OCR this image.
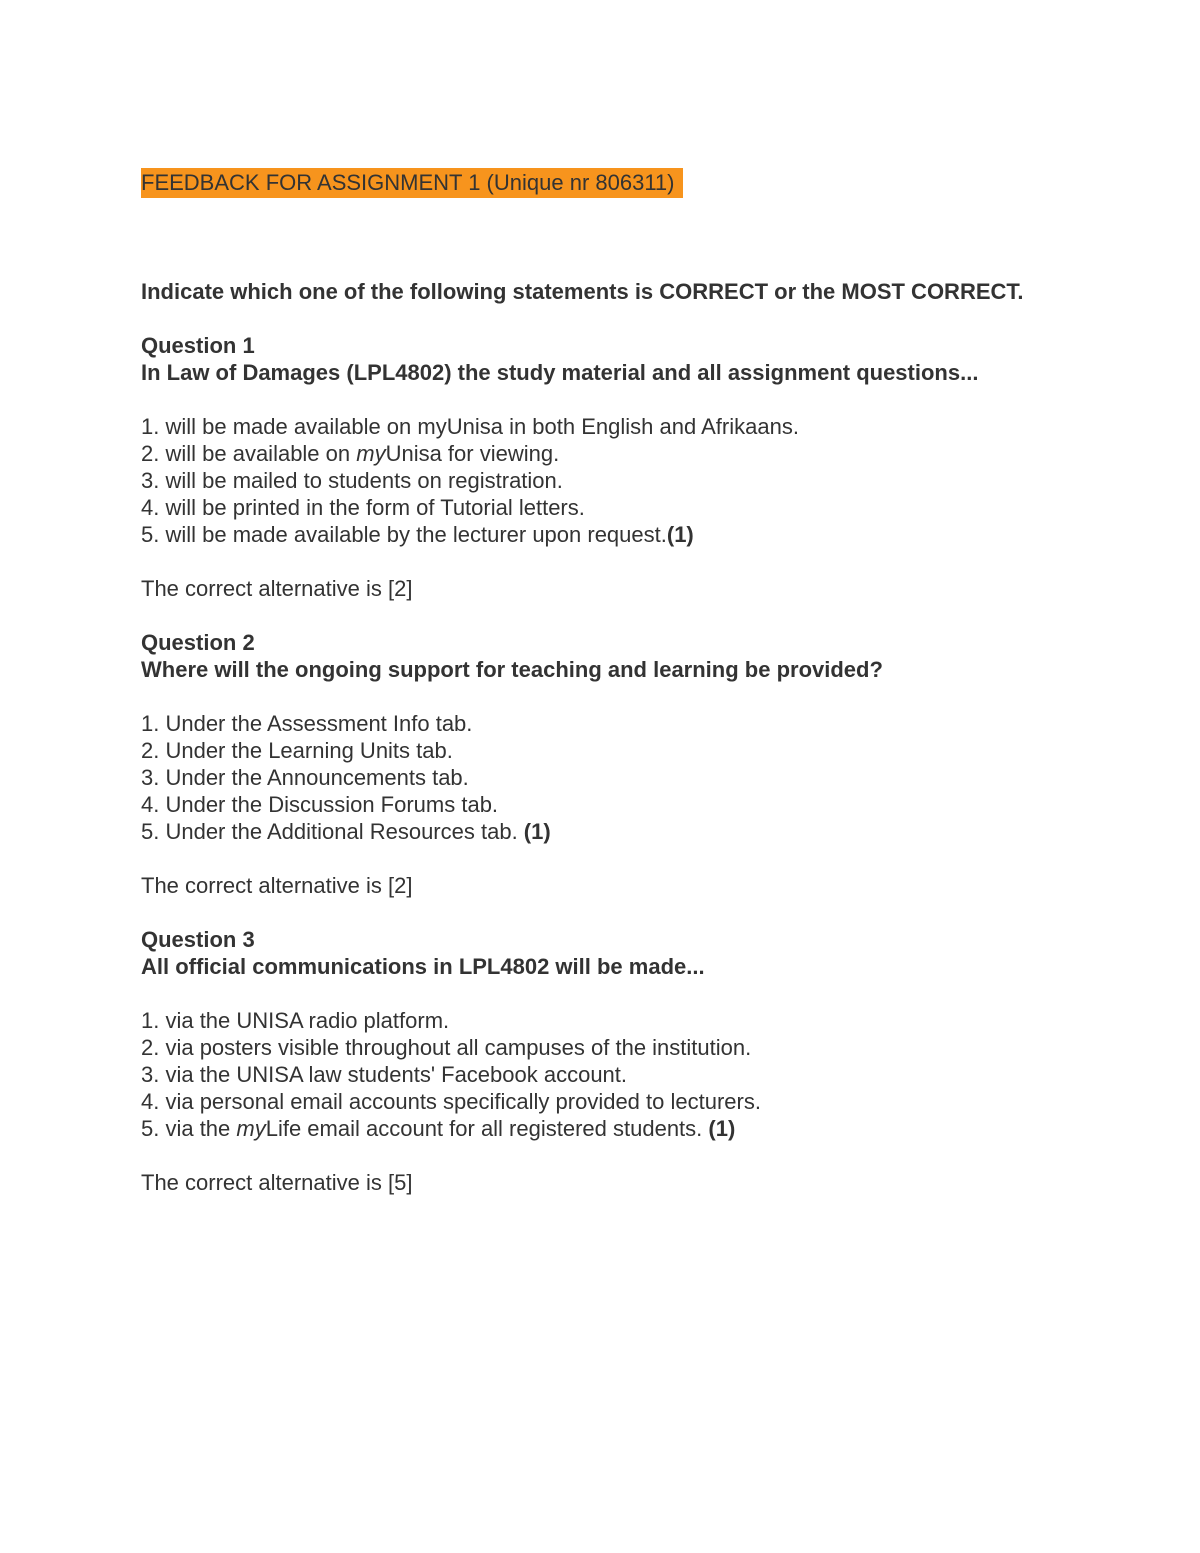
FEEDBACK FOR ASSIGNMENT 1 (Unique nr 806311)
Indicate which one of the following statements is CORRECT or the MOST CORRECT.
Question 1
In Law of Damages (LPL4802) the study material and all assignment questions...
1. will be made available on myUnisa in both English and Afrikaans.
2. will be available on myUnisa for viewing.
3. will be mailed to students on registration.
4. will be printed in the form of Tutorial letters.
5. will be made available by the lecturer upon request.(1)
The correct alternative is [2]
Question 2
Where will the ongoing support for teaching and learning be provided?
1. Under the Assessment Info tab.
2. Under the Learning Units tab.
3. Under the Announcements tab.
4. Under the Discussion Forums tab.
5. Under the Additional Resources tab. (1)
The correct alternative is [2]
Question 3
All official communications in LPL4802 will be made...
1. via the UNISA radio platform.
2. via posters visible throughout all campuses of the institution.
3. via the UNISA law students' Facebook account.
4. via personal email accounts specifically provided to lecturers.
5. via the myLife email account for all registered students. (1)
The correct alternative is [5]
